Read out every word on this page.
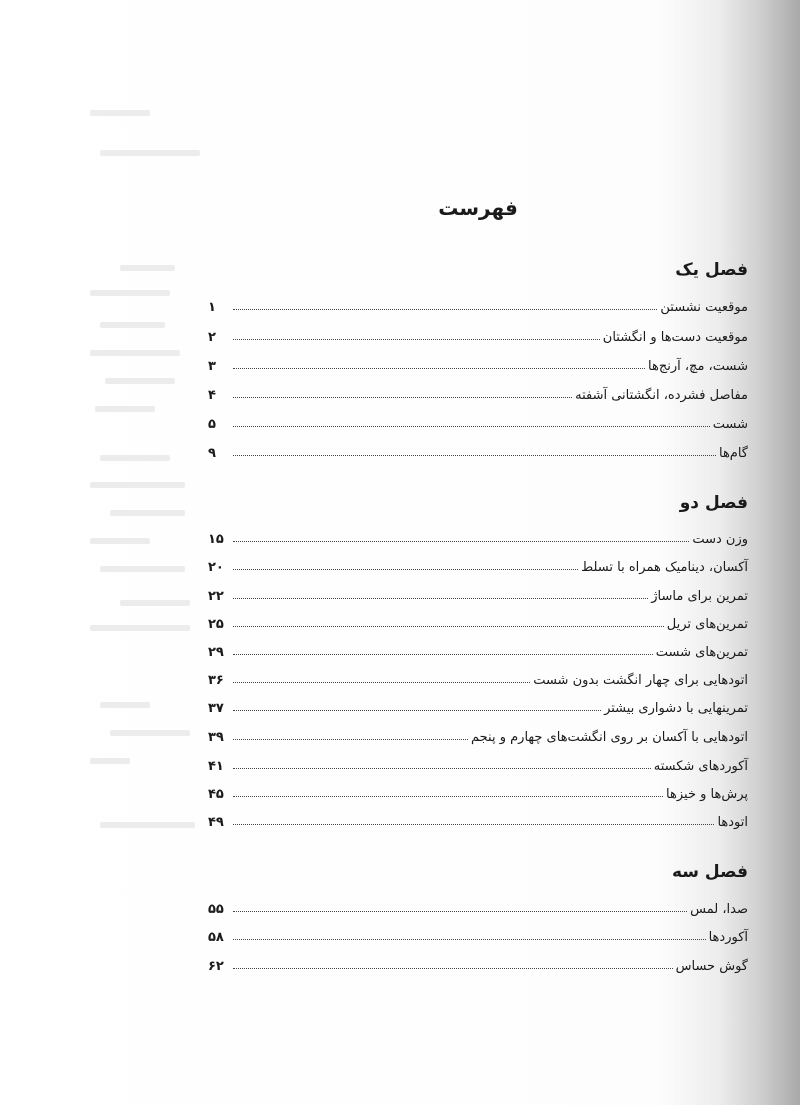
فهرست
فصل یک
موقعیت نشستن
۱
موقعیت دست‌ها و انگشتان
۲
شست، مچ، آرنج‌ها
۳
مفاصل فشرده، انگشتانی آشفته
۴
شست
۵
گام‌ها
۹
فصل دو
وزن دست
۱۵
آکسان، دینامیک همراه با تسلط
۲۰
تمرین برای ماساژ
۲۲
تمرین‌های تریل
۲۵
تمرین‌های شست
۲۹
اتودهایی برای چهار انگشت بدون شست
۳۶
تمرینهایی با دشواری بیشتر
۳۷
اتودهایی با آکسان بر روی انگشت‌های چهارم و پنجم
۳۹
آکوردهای شکسته
۴۱
پرش‌ها و خیزها
۴۵
اتودها
۴۹
فصل سه
صدا، لمس
۵۵
آکوردها
۵۸
گوش حساس
۶۲
